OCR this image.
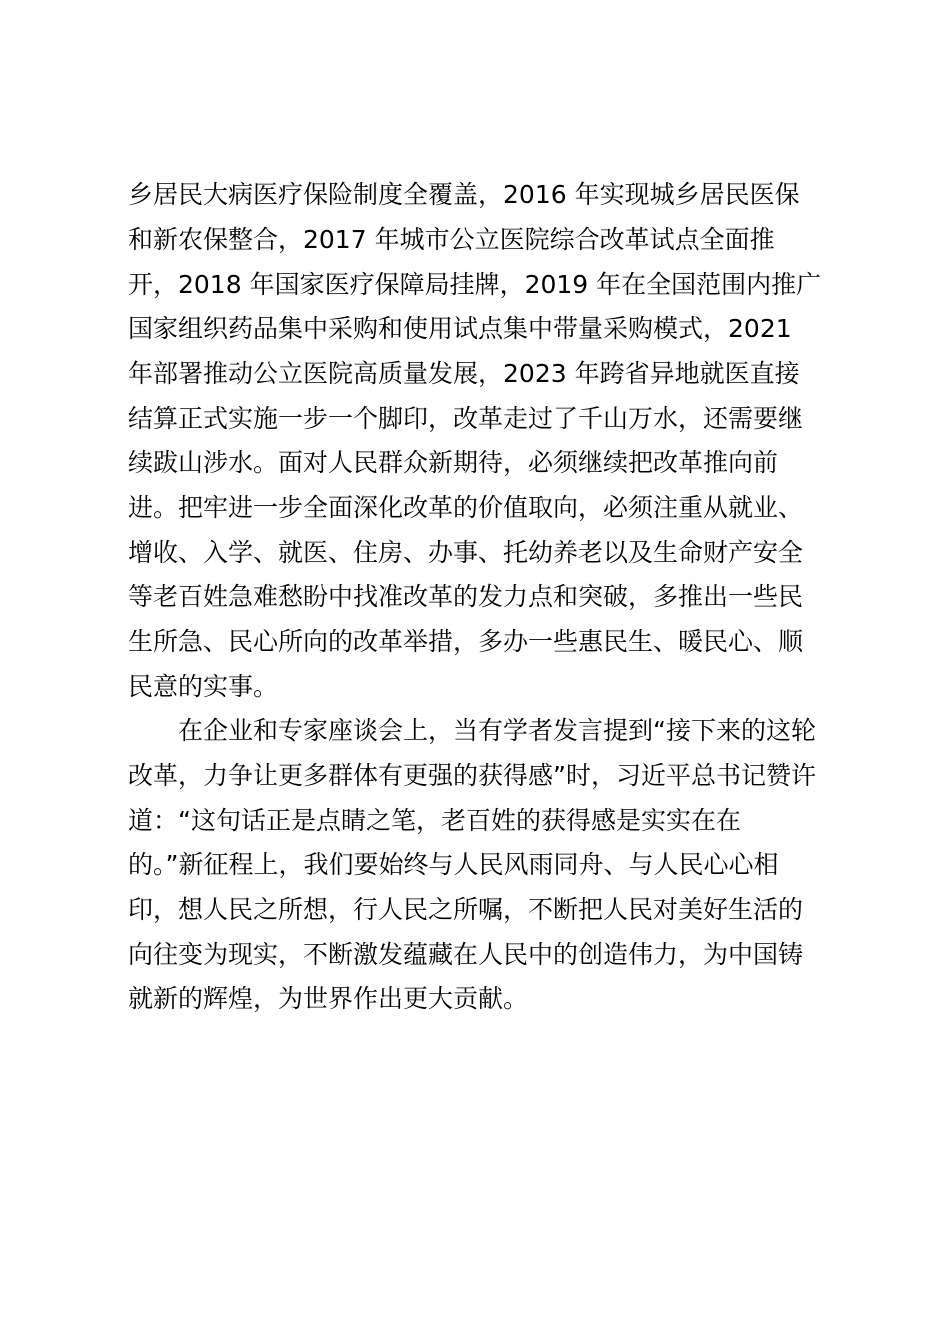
乡居民大病医疗保险制度全覆盖，2016 年实现城乡居民医保
和新农保整合，2017 年城市公立医院综合改革试点全面推
开，2018 年国家医疗保障局挂牌，2019 年在全国范围内推广
国家组织药品集中采购和使用试点集中带量采购模式，2021
年部署推动公立医院高质量发展，2023 年跨省异地就医直接
结算正式实施一步一个脚印，改革走过了千山万水，还需要继
续跋山涉水。面对人民群众新期待，必须继续把改革推向前
进。把牢进一步全面深化改革的价值取向，必须注重从就业、
增收、入学、就医、住房、办事、托幼养老以及生命财产安全
等老百姓急难愁盼中找准改革的发力点和突破，多推出一些民
生所急、民心所向的改革举措，多办一些惠民生、暖民心、顺
民意的实事。
　　在企业和专家座谈会上，当有学者发言提到“接下来的这轮
改革，力争让更多群体有更强的获得感”时，习近平总书记赞许
道：“这句话正是点睛之笔，老百姓的获得感是实实在在
的。”新征程上，我们要始终与人民风雨同舟、与人民心心相
印，想人民之所想，行人民之所嘱，不断把人民对美好生活的
向往变为现实，不断激发蕴藏在人民中的创造伟力，为中国铸
就新的辉煌，为世界作出更大贡献。
